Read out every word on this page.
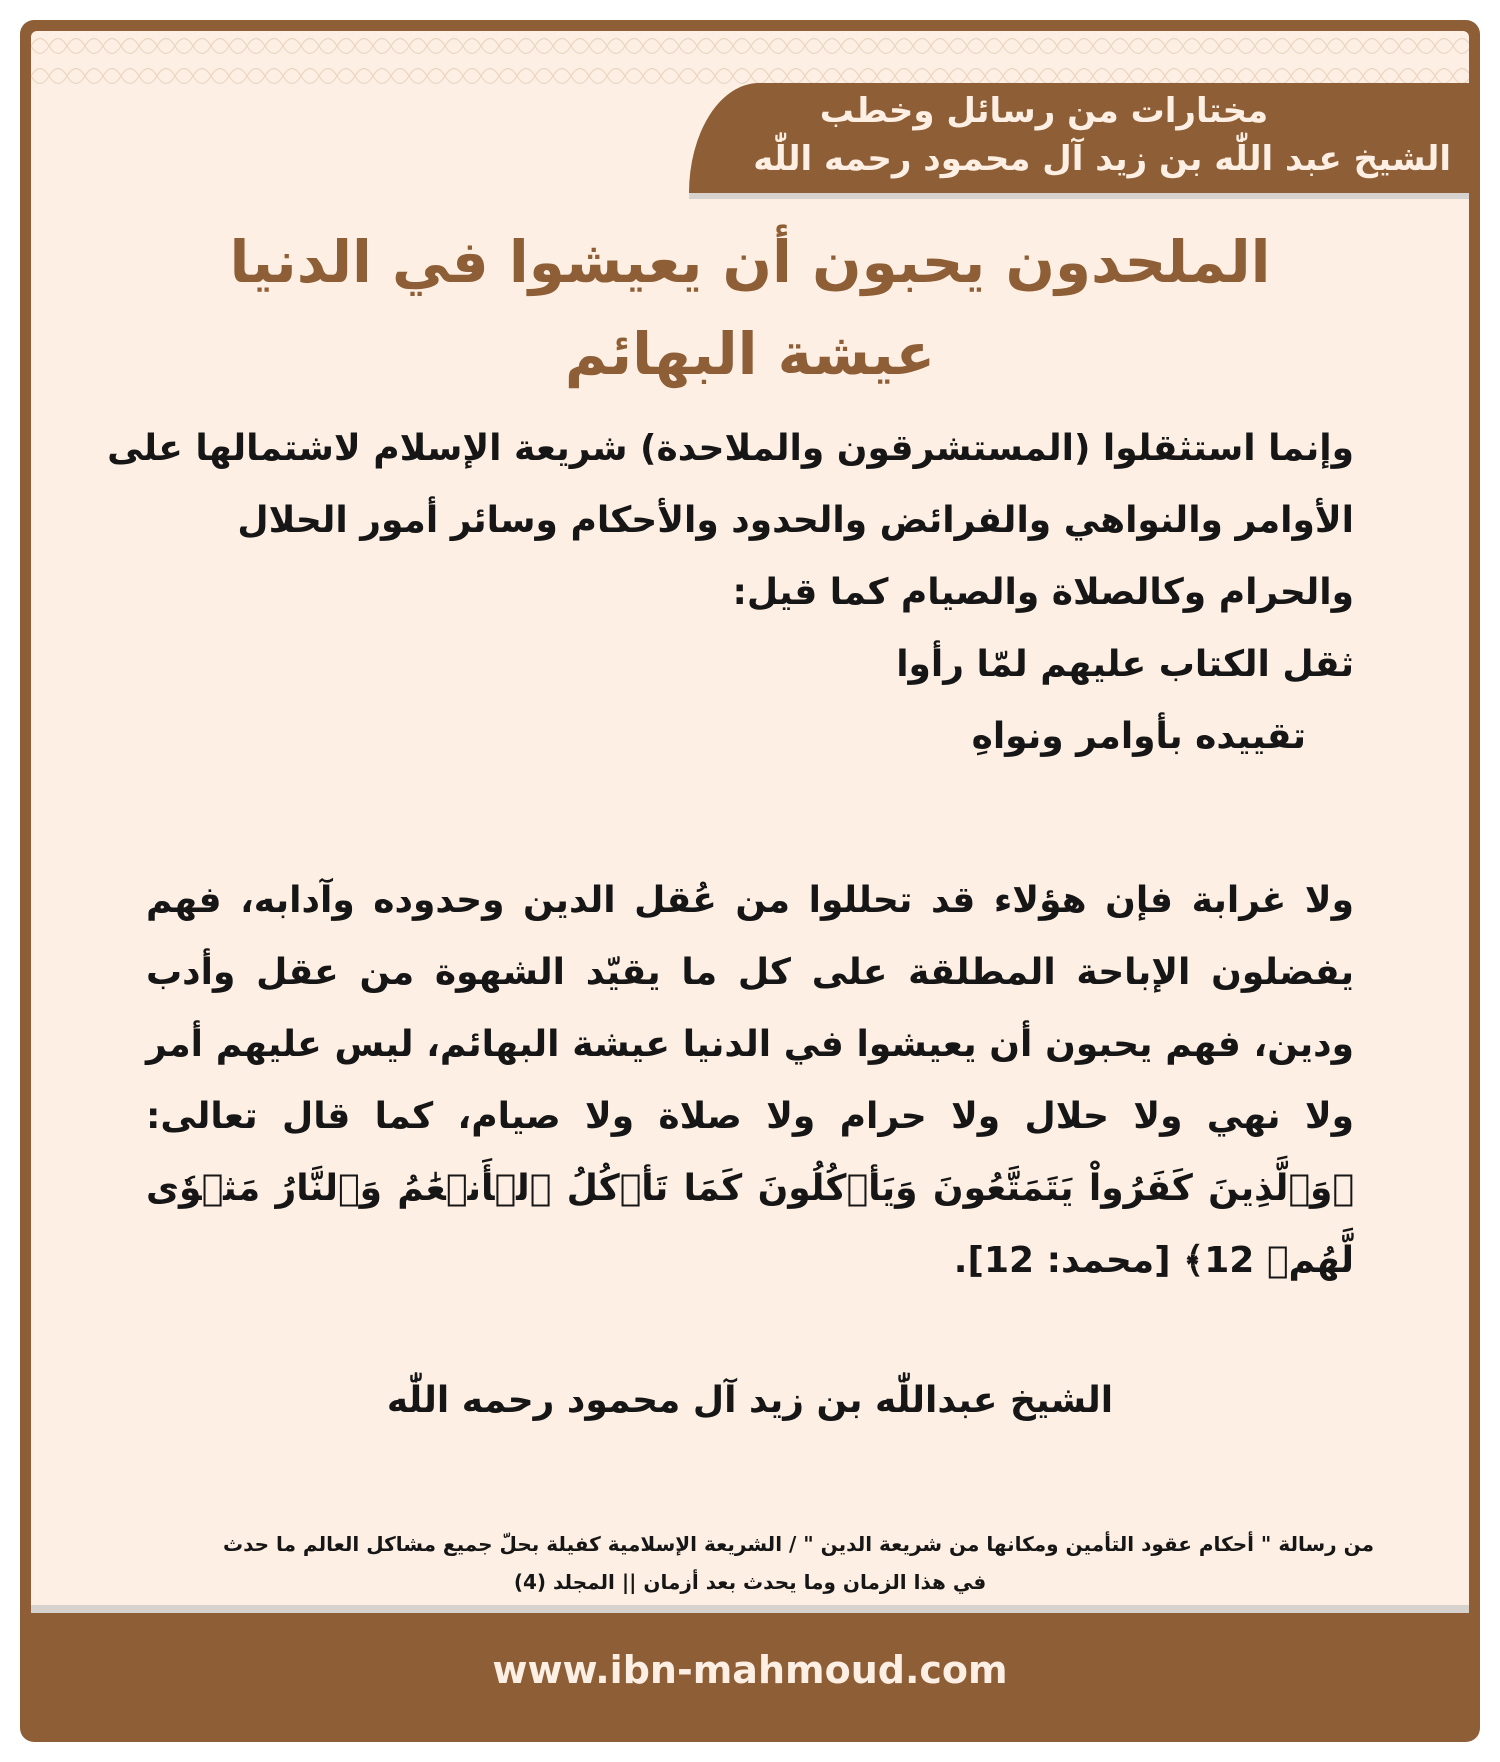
مختارات من رسائل وخطب
الشيخ عبد اللّٰه بن زيد آل محمود رحمه اللّٰه
الملحدون يحبون أن يعيشوا في الدنيا عيشة البهائم
وإنما استثقلوا (المستشرقون والملاحدة) شريعة الإسلام لاشتمالها على
الأوامر والنواهي والفرائض والحدود والأحكام وسائر أمور الحلال
والحرام وكالصلاة والصيام كما قيل:
ثقل الكتاب عليهم لمّا رأوا
تقييده بأوامر ونواهِ
ولا غرابة فإن هؤلاء قد تحللوا من عُقل الدين وحدوده وآدابه، فهم يفضلون الإباحة المطلقة على كل ما يقيّد الشهوة من عقل وأدب ودين، فهم يحبون أن يعيشوا في الدنيا عيشة البهائم، ليس عليهم أمر ولا نهي ولا حلال ولا حرام ولا صلاة ولا صيام، كما قال تعالى: ﴿وَٱلَّذِينَ كَفَرُواْ يَتَمَتَّعُونَ وَيَأۡكُلُونَ كَمَا تَأۡكُلُ ٱلۡأَنۡعَٰمُ وَٱلنَّارُ مَثۡوٗى لَّهُمۡ 12﴾ [محمد: 12].
الشيخ عبداللّٰه بن زيد آل محمود رحمه اللّٰه
من رسالة " أحكام عقود التأمين ومكانها من شريعة الدين " / الشريعة الإسلامية كفيلة بحلّ جميع مشاكل العالم ما حدث
في هذا الزمان وما يحدث بعد أزمان || المجلد (4)
www.ibn-mahmoud.com
